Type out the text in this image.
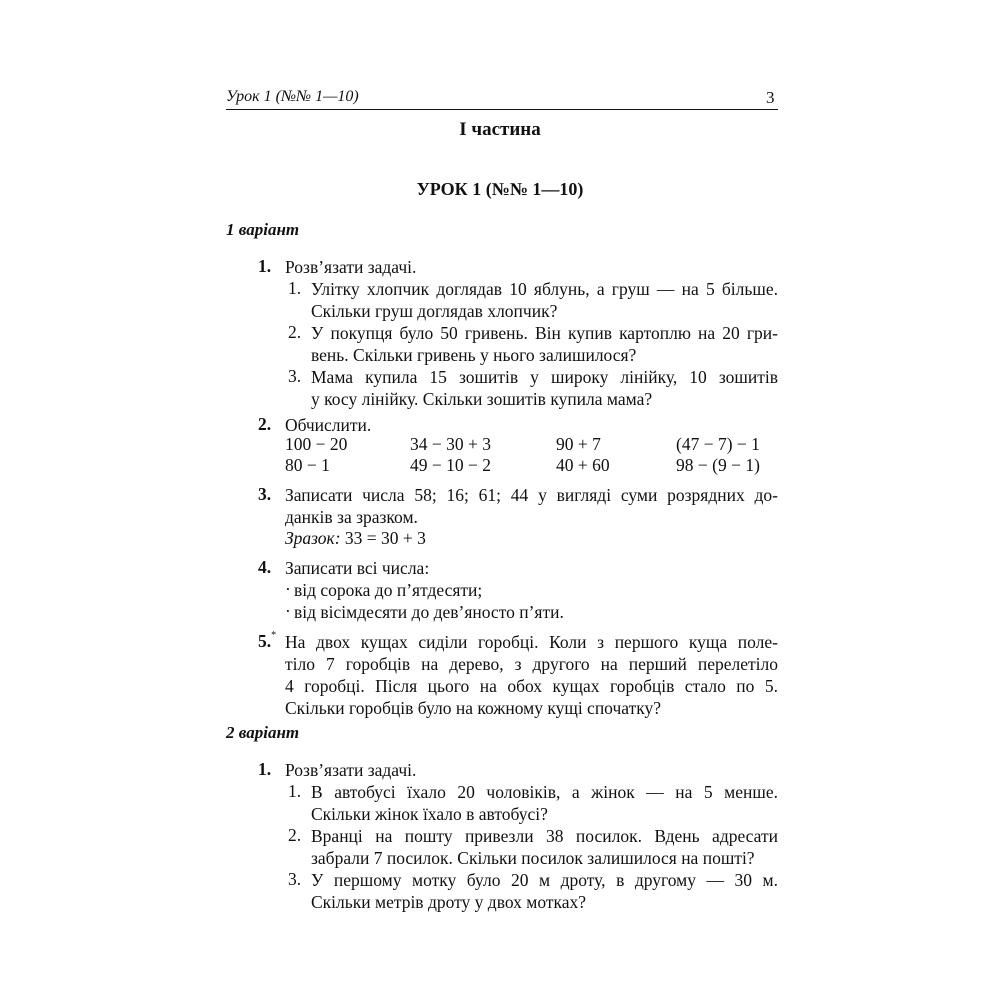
Урок 1 (№№ 1—10)	3
I частина
УРОК 1 (№№ 1—10)
1 варіант
1. Розв’язати задачі.
1. Улітку хлопчик доглядав 10 яблунь, а груш — на 5 більше.
Скільки груш доглядав хлопчик?
2. У покупця було 50 гривень. Він купив картоплю на 20 гри-
вень. Скільки гривень у нього залишилося?
3. Мама купила 15 зошитів у широку лінійку, 10 зошитів
у косу лінійку. Скільки зошитів купила мама?
2. Обчислити.
100 − 20	34 − 30 + 3	90 + 7	(47 − 7) − 1
80 − 1	49 − 10 − 2	40 + 60	98 − (9 − 1)
3. Записати числа 58; 16; 61; 44 у вигляді суми розрядних до-
данків за зразком.
Зразок: 33 = 30 + 3
4. Записати всі числа:
· від сорока до п’ятдесяти;
· від вісімдесяти до дев’яносто п’яти.
5.* На двох кущах сиділи горобці. Коли з першого куща поле-
тіло 7 горобців на дерево, з другого на перший перелетіло
4 горобці. Після цього на обох кущах горобців стало по 5.
Скільки горобців було на кожному кущі спочатку?
2 варіант
1. Розв’язати задачі.
1. В автобусі їхало 20 чоловіків, а жінок — на 5 менше.
Скільки жінок їхало в автобусі?
2. Вранці на пошту привезли 38 посилок. Вдень адресати
забрали 7 посилок. Скільки посилок залишилося на пошті?
3. У першому мотку було 20 м дроту, в другому — 30 м.
Скільки метрів дроту у двох мотках?
